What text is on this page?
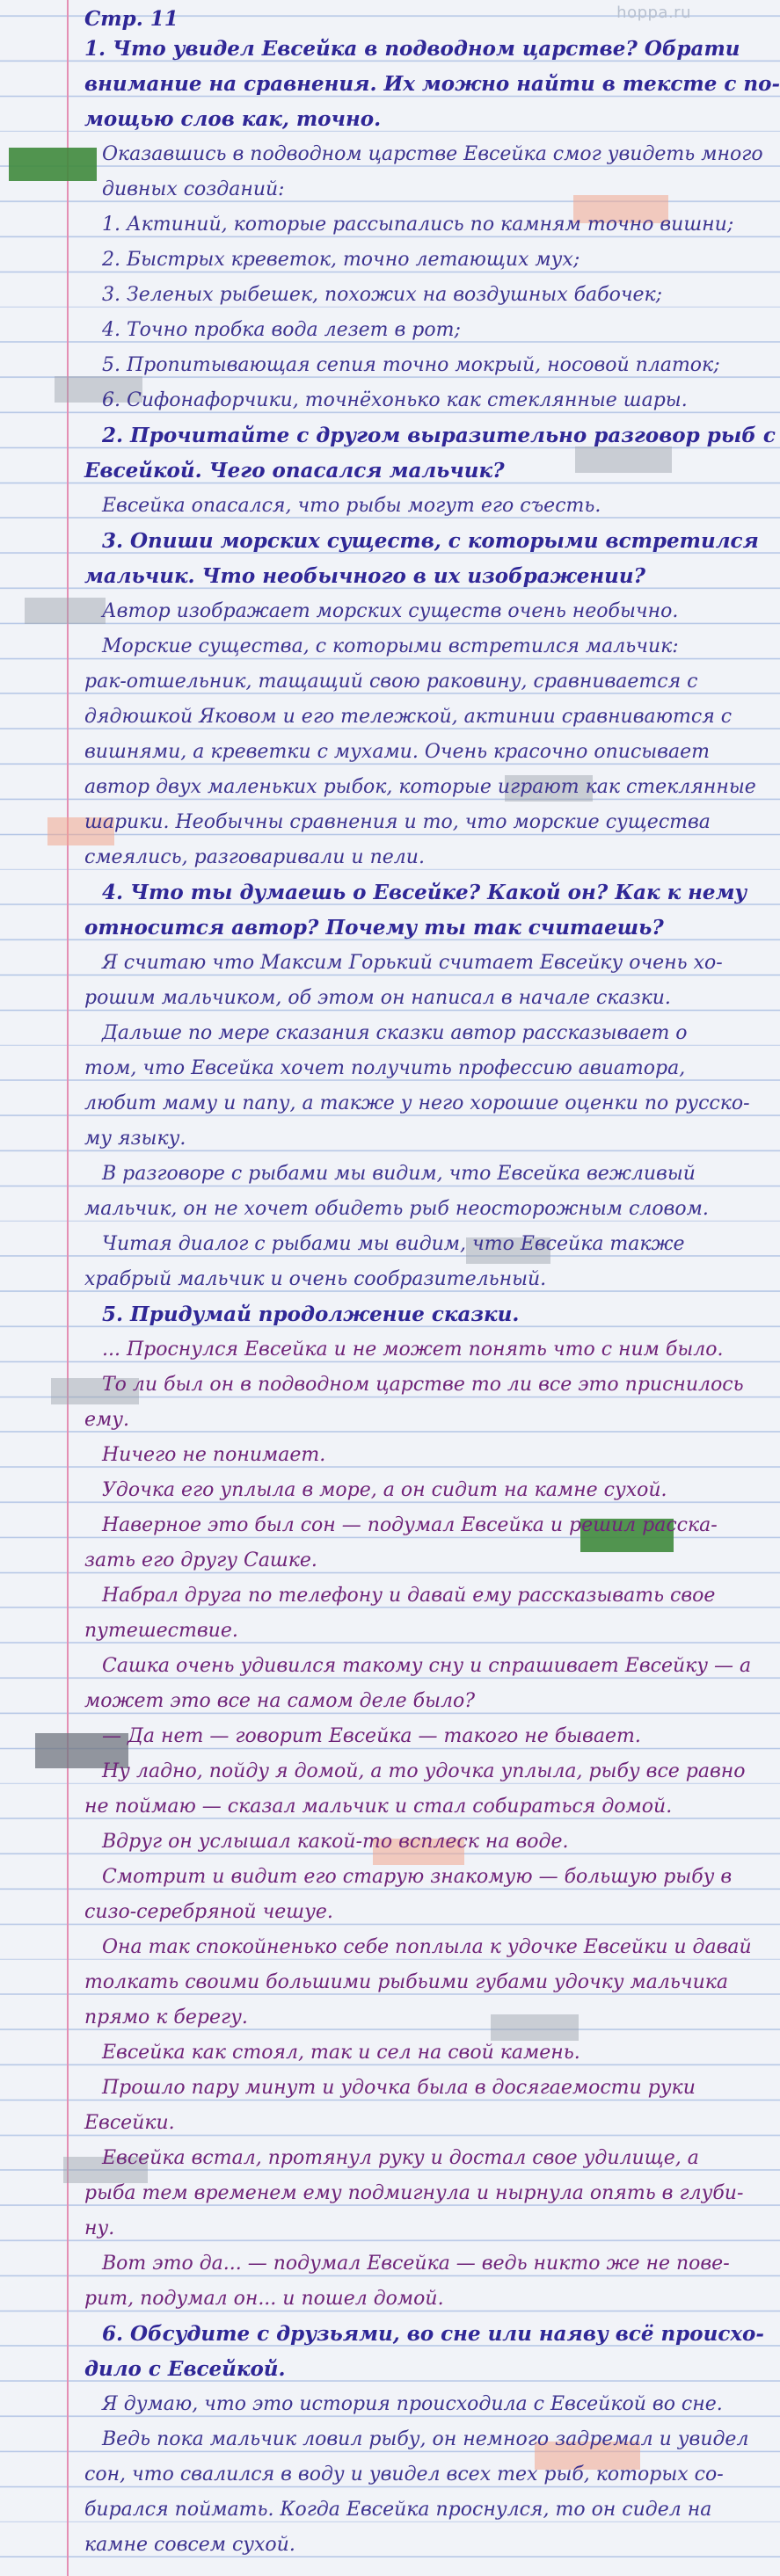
hoppa.ru
Стр. 11
1. Что увидел Евсейка в подводном царстве? Обрати
внимание на сравнения. Их можно найти в тексте с по-
мощью слов как, точно.
Оказавшись в подводном царстве Евсейка смог увидеть много
дивных созданий:
1. Актиний, которые рассыпались по камням точно вишни;
2. Быстрых креветок, точно летающих мух;
3. Зеленых рыбешек, похожих на воздушных бабочек;
4. Точно пробка вода лезет в рот;
5. Пропитывающая сепия точно мокрый, носовой платок;
6. Сифонафорчики, точнёхонько как стеклянные шары.
2. Прочитайте с другом выразительно разговор рыб с
Евсейкой. Чего опасался мальчик?
Евсейка опасался, что рыбы могут его съесть.
3. Опиши морских существ, с которыми встретился
мальчик. Что необычного в их изображении?
Автор изображает морских существ очень необычно.
Морские существа, с которыми встретился мальчик:
рак-отшельник, тащащий свою раковину, сравнивается с
дядюшкой Яковом и его тележкой, актинии сравниваются с
вишнями, а креветки с мухами. Очень красочно описывает
автор двух маленьких рыбок, которые играют как стеклянные
шарики. Необычны сравнения и то, что морские существа
смеялись, разговаривали и пели.
4. Что ты думаешь о Евсейке? Какой он? Как к нему
относится автор? Почему ты так считаешь?
Я считаю что Максим Горький считает Евсейку очень хо-
рошим мальчиком, об этом он написал в начале сказки.
Дальше по мере сказания сказки автор рассказывает о
том, что Евсейка хочет получить профессию авиатора,
любит маму и папу, а также у него хорошие оценки по русско-
му языку.
В разговоре с рыбами мы видим, что Евсейка вежливый
мальчик, он не хочет обидеть рыб неосторожным словом.
Читая диалог с рыбами мы видим, что Евсейка также
храбрый мальчик и очень сообразительный.
5. Придумай продолжение сказки.
... Проснулся Евсейка и не может понять что с ним было.
То ли был он в подводном царстве то ли все это приснилось
ему.
Ничего не понимает.
Удочка его уплыла в море, а он сидит на камне сухой.
Наверное это был сон — подумал Евсейка и решил расска-
зать его другу Сашке.
Набрал друга по телефону и давай ему рассказывать свое
путешествие.
Сашка очень удивился такому сну и спрашивает Евсейку — а
может это все на самом деле было?
— Да нет — говорит Евсейка — такого не бывает.
Ну ладно, пойду я домой, а то удочка уплыла, рыбу все равно
не поймаю — сказал мальчик и стал собираться домой.
Вдруг он услышал какой-то всплеск на воде.
Смотрит и видит его старую знакомую — большую рыбу в
сизо-серебряной чешуе.
Она так спокойненько себе поплыла к удочке Евсейки и давай
толкать своими большими рыбьими губами удочку мальчика
прямо к берегу.
Евсейка как стоял, так и сел на свой камень.
Прошло пару минут и удочка была в досягаемости руки
Евсейки.
Евсейка встал, протянул руку и достал свое удилище, а
рыба тем временем ему подмигнула и нырнула опять в глуби-
ну.
Вот это да... — подумал Евсейка — ведь никто же не пове-
рит, подумал он... и пошел домой.
6. Обсудите с друзьями, во сне или наяву всё происхо-
дило с Евсейкой.
Я думаю, что это история происходила с Евсейкой во сне.
Ведь пока мальчик ловил рыбу, он немного задремал и увидел
сон, что свалился в воду и увидел всех тех рыб, которых со-
бирался поймать. Когда Евсейка проснулся, то он сидел на
камне совсем сухой.
